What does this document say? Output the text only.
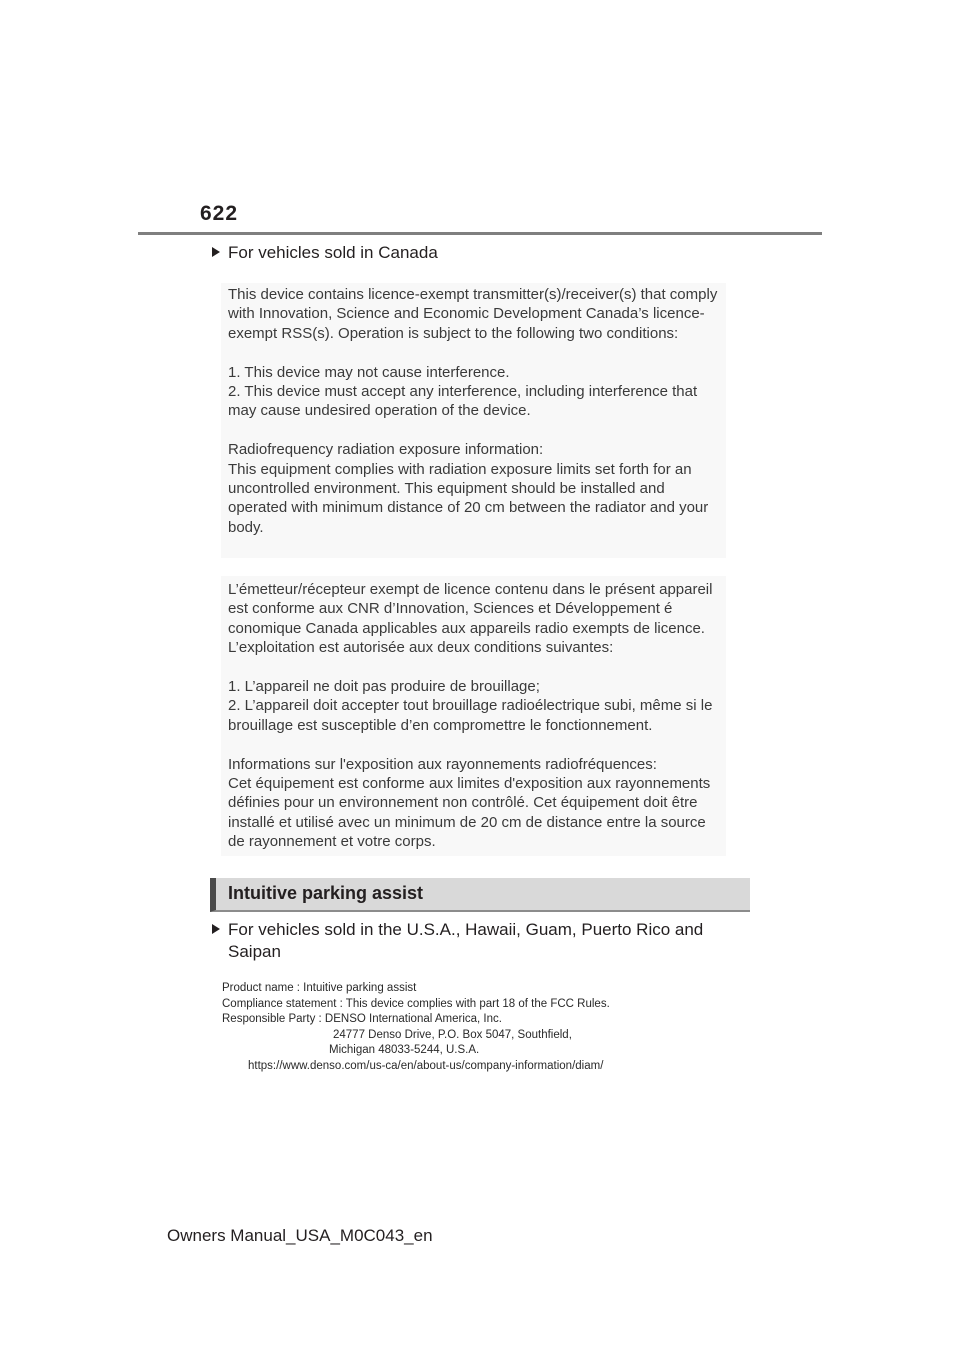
622
For vehicles sold in Canada

This device contains licence-exempt transmitter(s)/receiver(s) that comply with Innovation, Science and Economic Development Canada’s licence-exempt RSS(s). Operation is subject to the following two conditions:

1. This device may not cause interference.
2. This device must accept any interference, including interference that may cause undesired operation of the device.

Radiofrequency radiation exposure information:
This equipment complies with radiation exposure limits set forth for an uncontrolled environment. This equipment should be installed and operated with minimum distance of 20 cm between the radiator and your body.

L’émetteur/récepteur exempt de licence contenu dans le présent appareil est conforme aux CNR d’Innovation, Sciences et Développement é conomique Canada applicables aux appareils radio exempts de licence. L’exploitation est autorisée aux deux conditions suivantes:

1. L’appareil ne doit pas produire de brouillage;
2. L’appareil doit accepter tout brouillage radioélectrique subi, même si le brouillage est susceptible d’en compromettre le fonctionnement.

Informations sur l'exposition aux rayonnements radiofréquences:
Cet équipement est conforme aux limites d'exposition aux rayonnements définies pour un environnement non contrôlé. Cet équipement doit être installé et utilisé avec un minimum de 20 cm de distance entre la source de rayonnement et votre corps.

Intuitive parking assist
For vehicles sold in the U.S.A., Hawaii, Guam, Puerto Rico and Saipan
Product name : Intuitive parking assist
Compliance statement : This device complies with part 18 of the FCC Rules.
Responsible Party : DENSO International America, Inc.
24777 Denso Drive, P.O. Box 5047, Southfield,
Michigan 48033-5244, U.S.A.
https://www.denso.com/us-ca/en/about-us/company-information/diam/
Owners Manual_USA_M0C043_en
